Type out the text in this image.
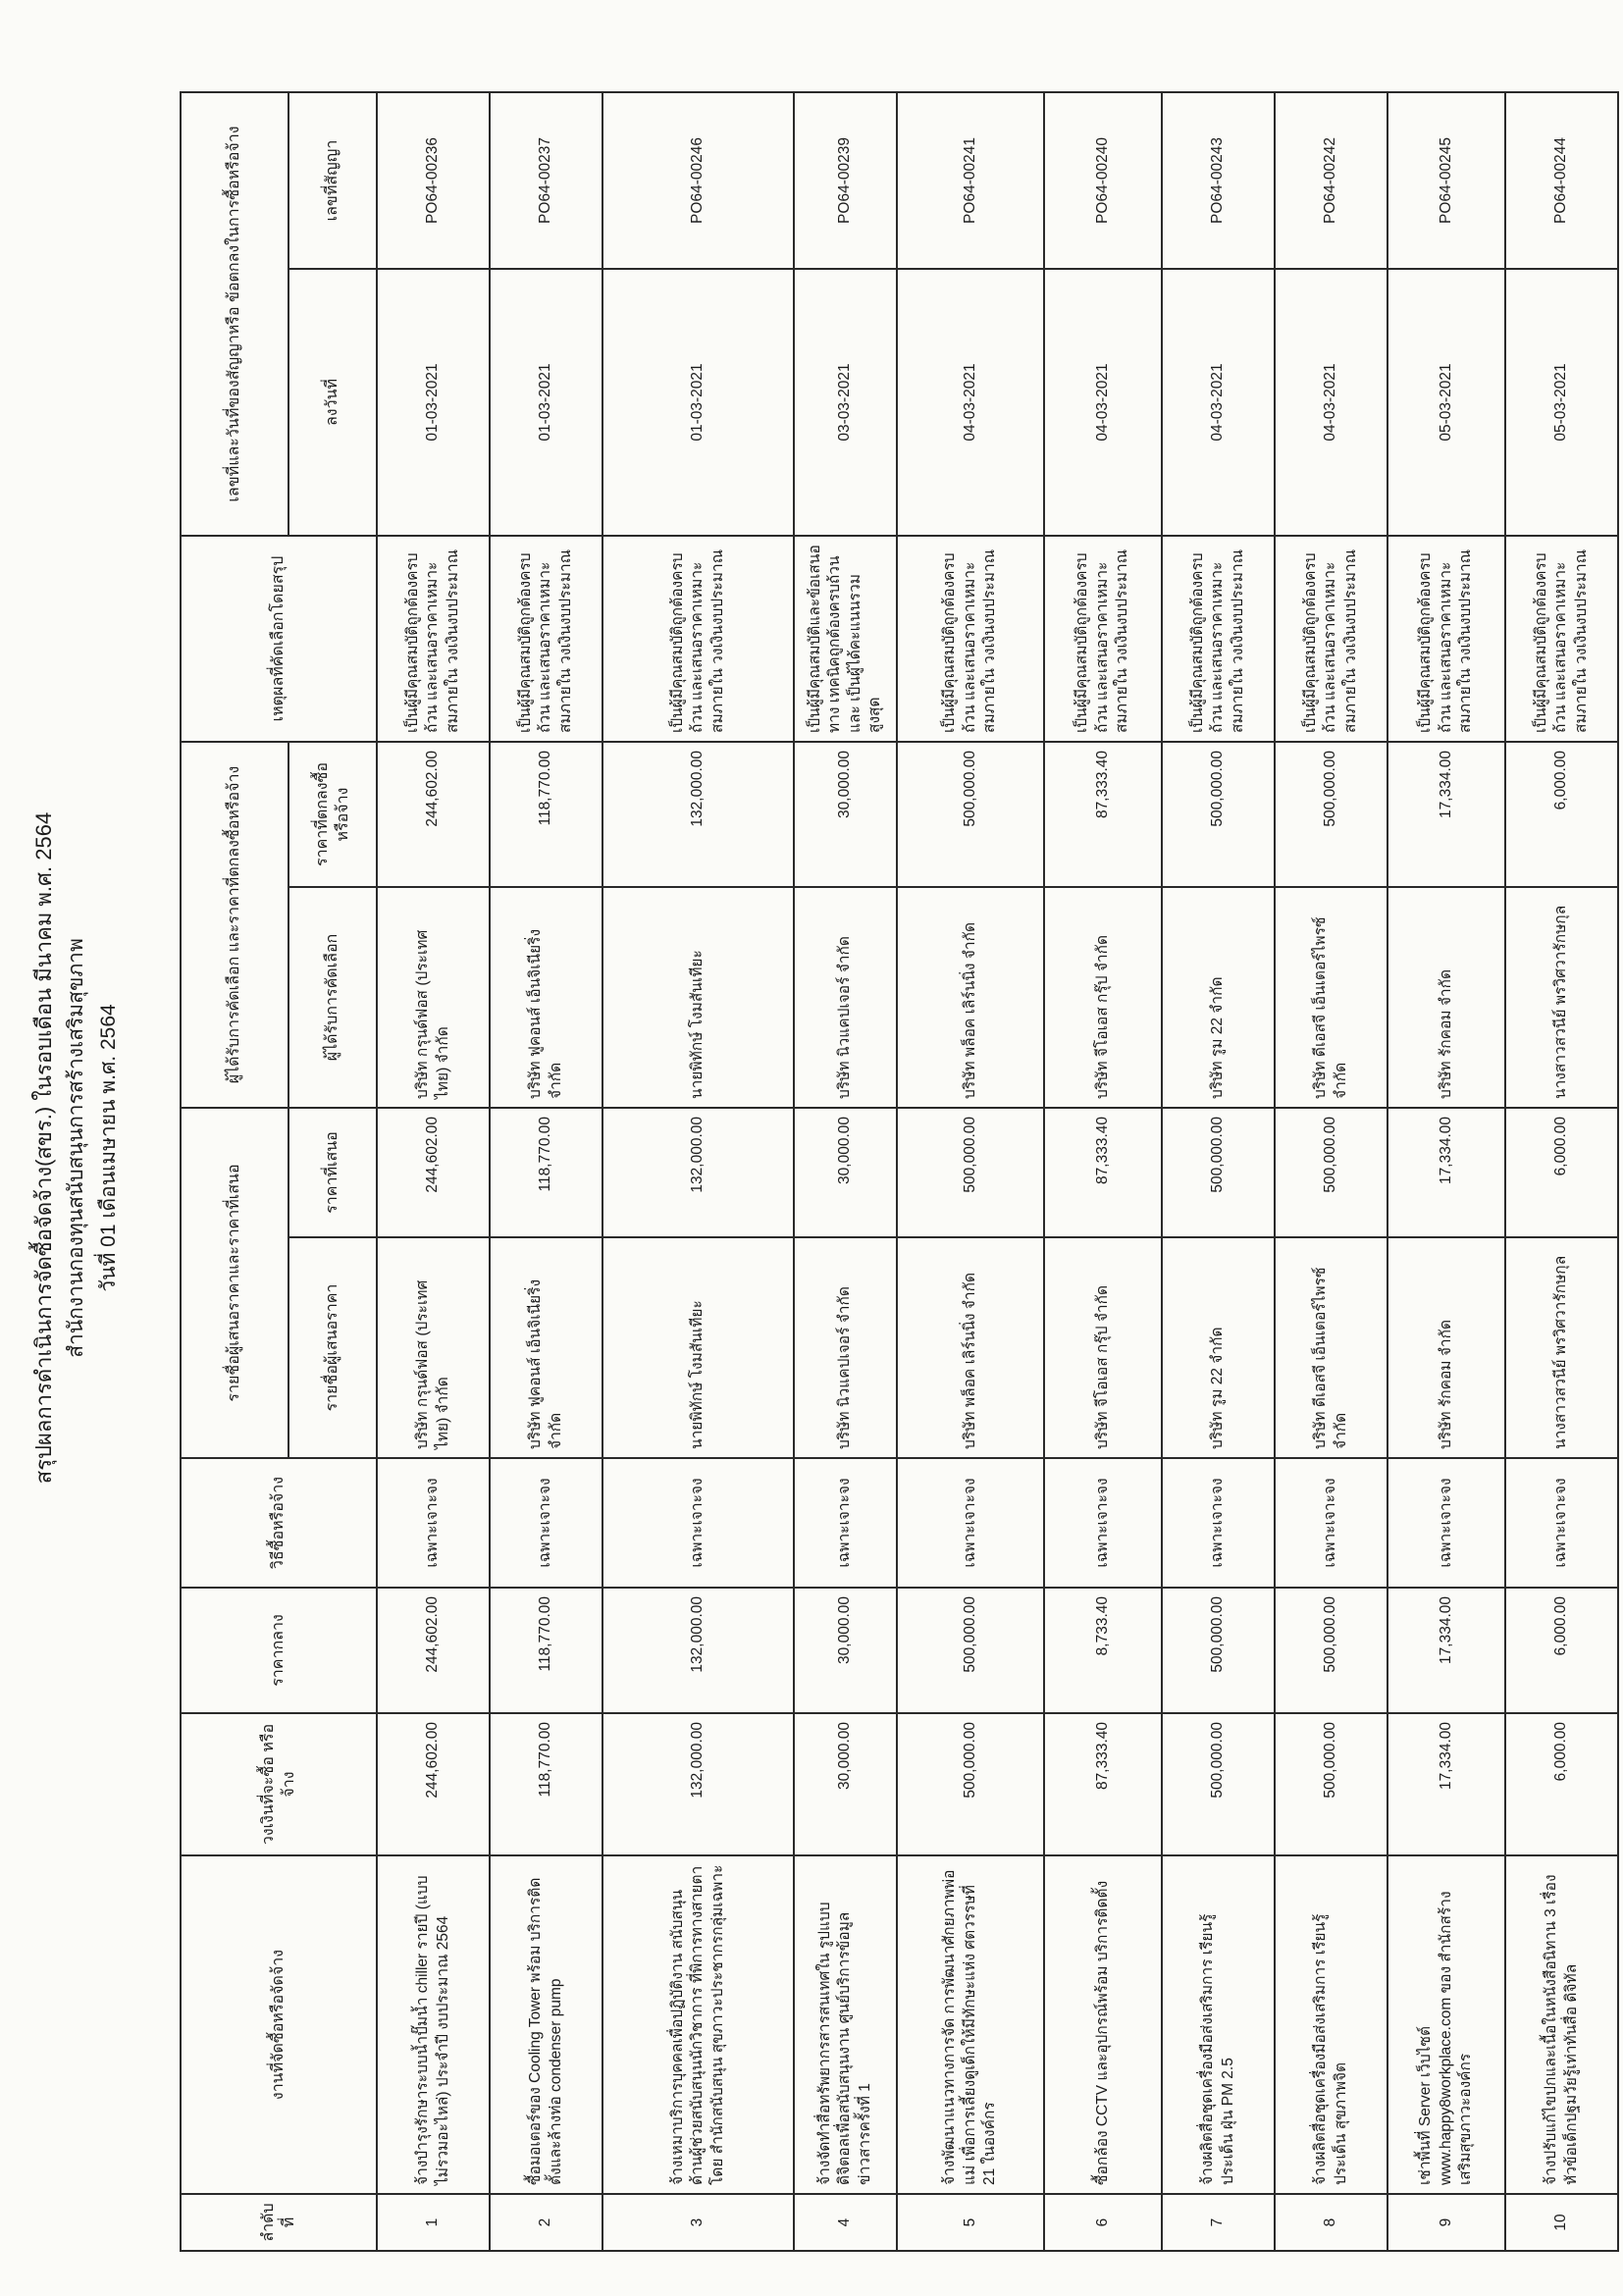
สรุปผลการดำเนินการจัดซื้อจัดจ้าง(สขร.) ในรอบเดือน มีนาคม พ.ศ. 2564 สำนักงานกองทุนสนับสนุนการสร้างเสริมสุขภาพ วันที่ 01 เดือนเมษายน พ.ศ. 2564
ลำดับที่	งานที่จัดซื้อหรือจัดจ้าง	วงเงินที่จะซื้อ หรือจ้าง	ราคากลาง	วิธีซื้อหรือจ้าง	รายชื่อผู้เสนอราคาและราคาที่เสนอ		ผู้ได้รับการคัดเลือก และราคาที่ตกลงซื้อหรือจ้าง		เหตุผลที่คัดเลือกโดยสรุป	เลขที่และวันที่ของสัญญาหรือ ข้อตกลงในการซื้อหรือจ้าง	
					รายชื่อผู้เสนอราคา	ราคาที่เสนอ	ผู้ได้รับการคัดเลือก	ราคาที่ตกลงซื้อ หรือจ้าง		ลงวันที่	เลขที่สัญญา
1	จ้างบำรุงรักษาระบบน้ำปั๊มน้ำ chiller รายปี (แบบไม่รวมอะไหล่) ประจำปี งบประมาณ 2564	244,602.00	244,602.00	เฉพาะเจาะจง	บริษัท กรุนด์ฟอส (ประเทศ ไทย) จำกัด	244,602.00	บริษัท กรุนด์ฟอส (ประเทศ ไทย) จำกัด	244,602.00	เป็นผู้มีคุณสมบัติถูกต้องครบถ้วน และเสนอราคาเหมาะสมภายใน วงเงินงบประมาณ	01-03-2021	PO64-00236
2	ซื้อมอเตอร์ของ Cooling Tower พร้อม บริการติดตั้งและล้างท่อ condenser pump	118,770.00	118,770.00	เฉพาะเจาะจง	บริษัท ฟูคอนส์ เอ็นจิเนียริ่ง จำกัด	118,770.00	บริษัท ฟูคอนส์ เอ็นจิเนียริ่ง จำกัด	118,770.00	เป็นผู้มีคุณสมบัติถูกต้องครบถ้วน และเสนอราคาเหมาะสมภายใน วงเงินงบประมาณ	01-03-2021	PO64-00237
3	จ้างเหมาบริการบุคคลเพื่อปฏิบัติงาน สนับสนุนด้านผู้ช่วยสนับสนุนนักวิชาการ ที่พิการทางสายตา โดย สำนักสนับสนุน สุขภาวะประชากรกลุ่มเฉพาะ	132,000.00	132,000.00	เฉพาะเจาะจง	นายพิทักษ์ โงมสันเทียะ	132,000.00	นายพิทักษ์ โงมสันเทียะ	132,000.00	เป็นผู้มีคุณสมบัติถูกต้องครบถ้วน และเสนอราคาเหมาะสมภายใน วงเงินงบประมาณ	01-03-2021	PO64-00246
4	จ้างจัดทำสื่อทรัพยากรสารสนเทศใน รูปแบบดิจิตอลเพื่อสนับสนุนงาน ศูนย์บริการข้อมูลข่าวสารครั้งที่ 1	30,000.00	30,000.00	เฉพาะเจาะจง	บริษัท นิวแคปเจอร์ จำกัด	30,000.00	บริษัท นิวแคปเจอร์ จำกัด	30,000.00	เป็นผู้มีคุณสมบัติและข้อเสนอทาง เทคนิคถูกต้องครบถ้วนและ เป็นผู้ได้คะแนนรวมสูงสุด	03-03-2021	PO64-00239
5	จ้างพัฒนาแนวทางการจัด การพัฒนาศักยภาพพ่อแม่ เพื่อการเลี้ยงดูเด็กให้มีทักษะแห่ง ศตวรรษที่ 21 ในองค์กร	500,000.00	500,000.00	เฉพาะเจาะจง	บริษัท พล็อค เลิร์นนิ่ง จำกัด	500,000.00	บริษัท พล็อค เลิร์นนิ่ง จำกัด	500,000.00	เป็นผู้มีคุณสมบัติถูกต้องครบถ้วน และเสนอราคาเหมาะสมภายใน วงเงินงบประมาณ	04-03-2021	PO64-00241
6	ซื้อกล้อง CCTV และอุปกรณ์พร้อม บริการติดตั้ง	87,333.40	8,733.40	เฉพาะเจาะจง	บริษัท จีโอเอส กรุ๊ป จำกัด	87,333.40	บริษัท จีโอเอส กรุ๊ป จำกัด	87,333.40	เป็นผู้มีคุณสมบัติถูกต้องครบถ้วน และเสนอราคาเหมาะสมภายใน วงเงินงบประมาณ	04-03-2021	PO64-00240
7	จ้างผลิตสื่อชุดเครื่องมือส่งเสริมการ เรียนรู้ ประเด็น ฝุ่น PM 2.5	500,000.00	500,000.00	เฉพาะเจาะจง	บริษัท รูม 22 จำกัด	500,000.00	บริษัท รูม 22 จำกัด	500,000.00	เป็นผู้มีคุณสมบัติถูกต้องครบถ้วน และเสนอราคาเหมาะสมภายใน วงเงินงบประมาณ	04-03-2021	PO64-00243
8	จ้างผลิตสื่อชุดเครื่องมือส่งเสริมการ เรียนรู้ ประเด็น สุขภาพจิต	500,000.00	500,000.00	เฉพาะเจาะจง	บริษัท ดีเอสจี เอ็นเตอร์ไพรซ์ จำกัด	500,000.00	บริษัท ดีเอสจี เอ็นเตอร์ไพรซ์ จำกัด	500,000.00	เป็นผู้มีคุณสมบัติถูกต้องครบถ้วน และเสนอราคาเหมาะสมภายใน วงเงินงบประมาณ	04-03-2021	PO64-00242
9	เช่าพื้นที่ Server เว็บไซต์ www.happy8workplace.com ของ สำนักสร้างเสริมสุขภาวะองค์กร	17,334.00	17,334.00	เฉพาะเจาะจง	บริษัท รักคอม จำกัด	17,334.00	บริษัท รักคอม จำกัด	17,334.00	เป็นผู้มีคุณสมบัติถูกต้องครบถ้วน และเสนอราคาเหมาะสมภายใน วงเงินงบประมาณ	05-03-2021	PO64-00245
10	จ้างปรับแก้ไขปกและเนื้อในหนังสือนิทาน 3 เรื่อง หัวข้อเด็กปฐมวัยรู้เท่าทันสื่อ ดิจิทัล	6,000.00	6,000.00	เฉพาะเจาะจง	นางสาวสวนีย์ พรวิศวารักษกุล	6,000.00	นางสาวสวนีย์ พรวิศวารักษกุล	6,000.00	เป็นผู้มีคุณสมบัติถูกต้องครบถ้วน และเสนอราคาเหมาะสมภายใน วงเงินงบประมาณ	05-03-2021	PO64-00244
